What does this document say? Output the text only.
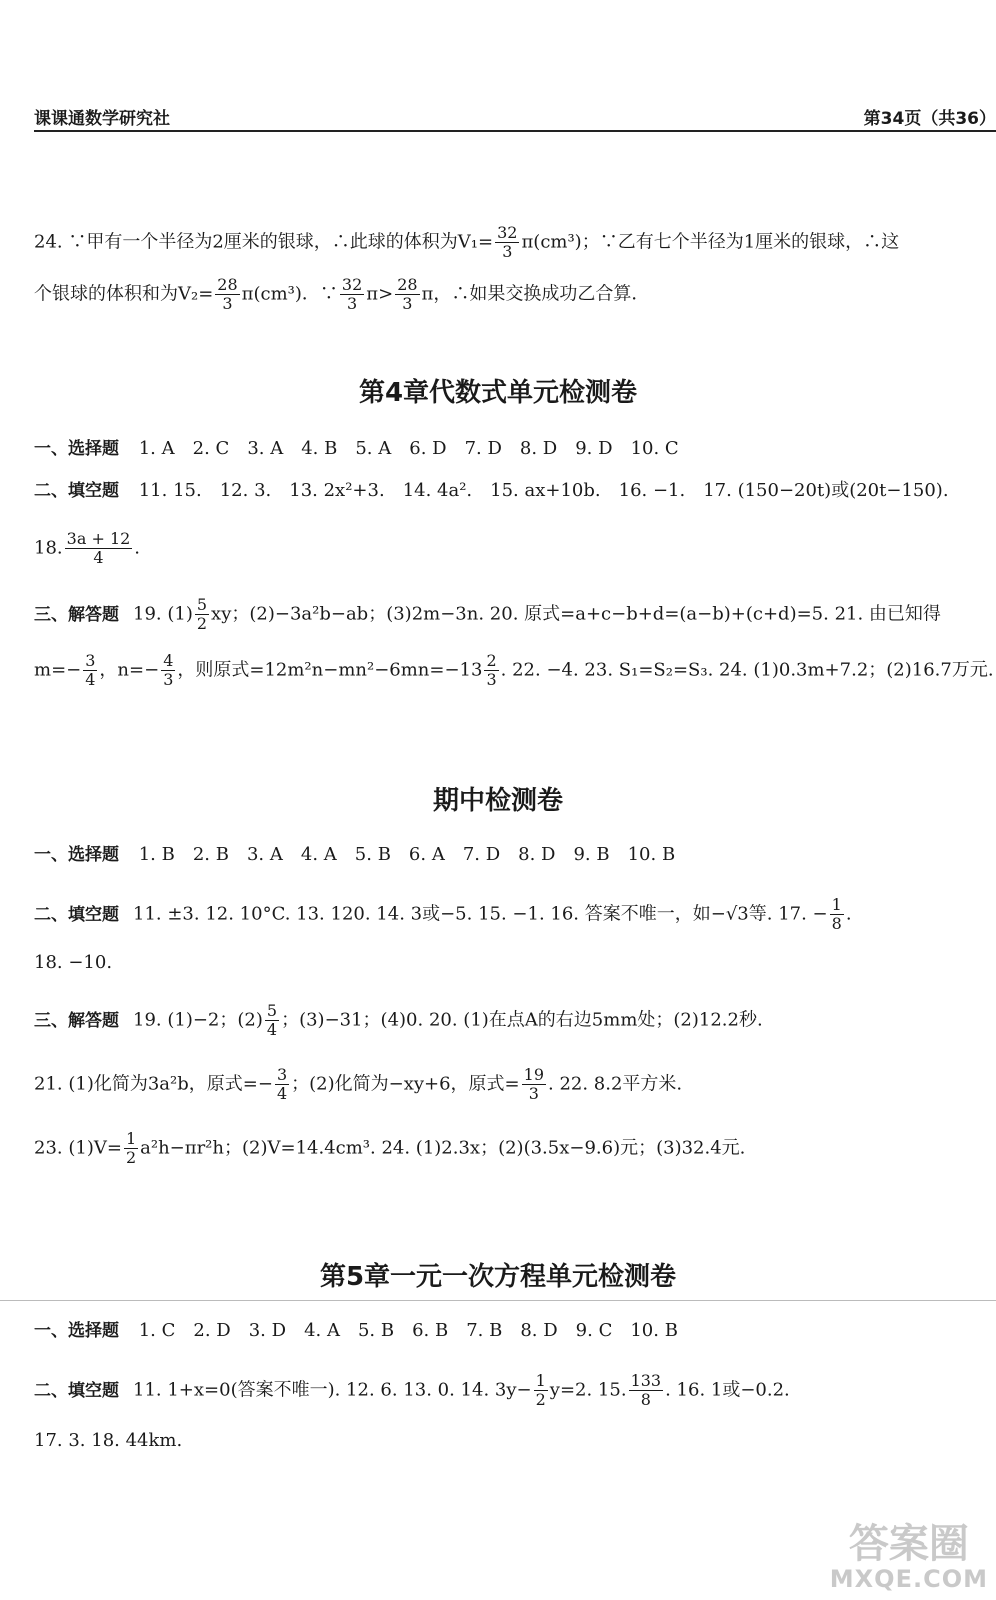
课课通数学研究社	第34页（共36）
24. ∵甲有一个半径为2厘米的银球，∴此球的体积为$V_1= \frac{32}{3} \pi(cm^3)$；∵乙有七个半径为1厘米的银球，∴这
个银球的体积和为$V_2= \frac{28}{3} \pi(cm^3)$．∵ $\frac{32}{3} \pi> \frac{28}{3}$ π，∴如果交换成功乙合算．
第4章代数式单元检测卷
一、选择题 1. A 2. C 3. A 4. B 5. A 6. D 7. D 8. D 9. D 10. C
二、填空题 11. 15. 12. 3. 13. 2x²+3. 14. 4a². 15. ax+10b. 16. −1. 17. (150−20t)或(20t−150).
18. $\frac{3a + 12}{4}$ .
三、解答题 19. $(1) \frac{5}{2}$ xy；(2)−3a²b−ab；(3)2m−3n. 20. 原式=a+c−b+d=(a−b)+(c+d)=5. 21. 由已知得
$m=- \frac{3}{4}$ ，$n=- \frac{4}{3}$ ，则原式$=12m^2n-mn^2-6mn=-13 \frac{2}{3}$ . 22. −4. 23. S₁=S₂=S₃. 24. (1)0.3m+7.2；(2)16.7万元.
期中检测卷
一、选择题 1. B 2. B 3. A 4. A 5. B 6. A 7. D 8. D 9. B 10. B
二、填空题 11. ±3. 12. 10°C. 13. 120. 14. 3或−5. 15. −1. 16. 答案不唯一，如−√3等. 17. − $\frac{1}{8}$ .
18. −10.
三、解答题 19. (1)−2；$(2) \frac{5}{4}$ ；(3)−31；(4)0. 20. (1)在点A的右边5mm处；(2)12.2秒.
21. (1)化简为3a²b，原式=− $\frac{3}{4}$ ；(2)化简为−xy+6，原式= $\frac{19}{3}$ . 22. 8.2平方米.
23. $(1)V= \frac{1}{2} a^2h-\pi r^2h$；(2)V=14.4cm³. 24. (1)2.3x；(2)(3.5x−9.6)元；(3)32.4元.
第5章一元一次方程单元检测卷
一、选择题 1. C 2. D 3. D 4. A 5. B 6. B 7. B 8. D 9. C 10. B
二、填空题 11. 1+x=0(答案不唯一). 12. 6. 13. 0. 14. $3y- \frac{1}{2} y=2$. 15. $\frac{133}{8}$ . 16. 1或−0.2.
17. 3. 18. 44km.
答案圈
MXQE.COM
